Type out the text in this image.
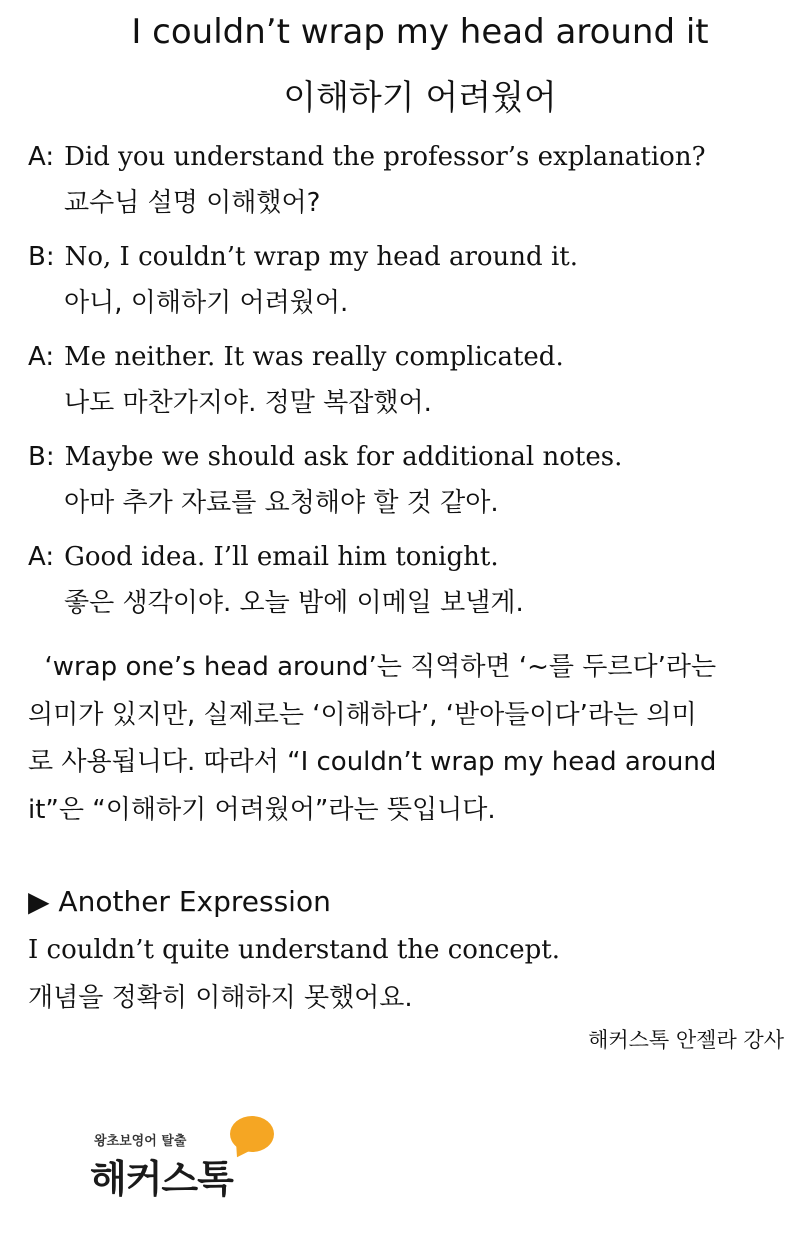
I couldn’t wrap my head around it
이해하기 어려웠어
A: Did you understand the professor’s explanation?
교수님 설명 이해했어?
B: No, I couldn’t wrap my head around it.
아니, 이해하기 어려웠어.
A: Me neither. It was really complicated.
나도 마찬가지야. 정말 복잡했어.
B: Maybe we should ask for additional notes.
아마 추가 자료를 요청해야 할 것 같아.
A: Good idea. I’ll email him tonight.
좋은 생각이야. 오늘 밤에 이메일 보낼게.
‘wrap one’s head around’는 직역하면 ‘~를 두르다’라는
의미가 있지만, 실제로는 ‘이해하다’, ‘받아들이다’라는 의미
로 사용됩니다. 따라서 “I couldn’t wrap my head around
it”은 “이해하기 어려웠어”라는 뜻입니다.
▶ Another Expression
I couldn’t quite understand the concept.
개념을 정확히 이해하지 못했어요.
해커스톡 안젤라 강사
왕초보영어 탈출
해커스톡
